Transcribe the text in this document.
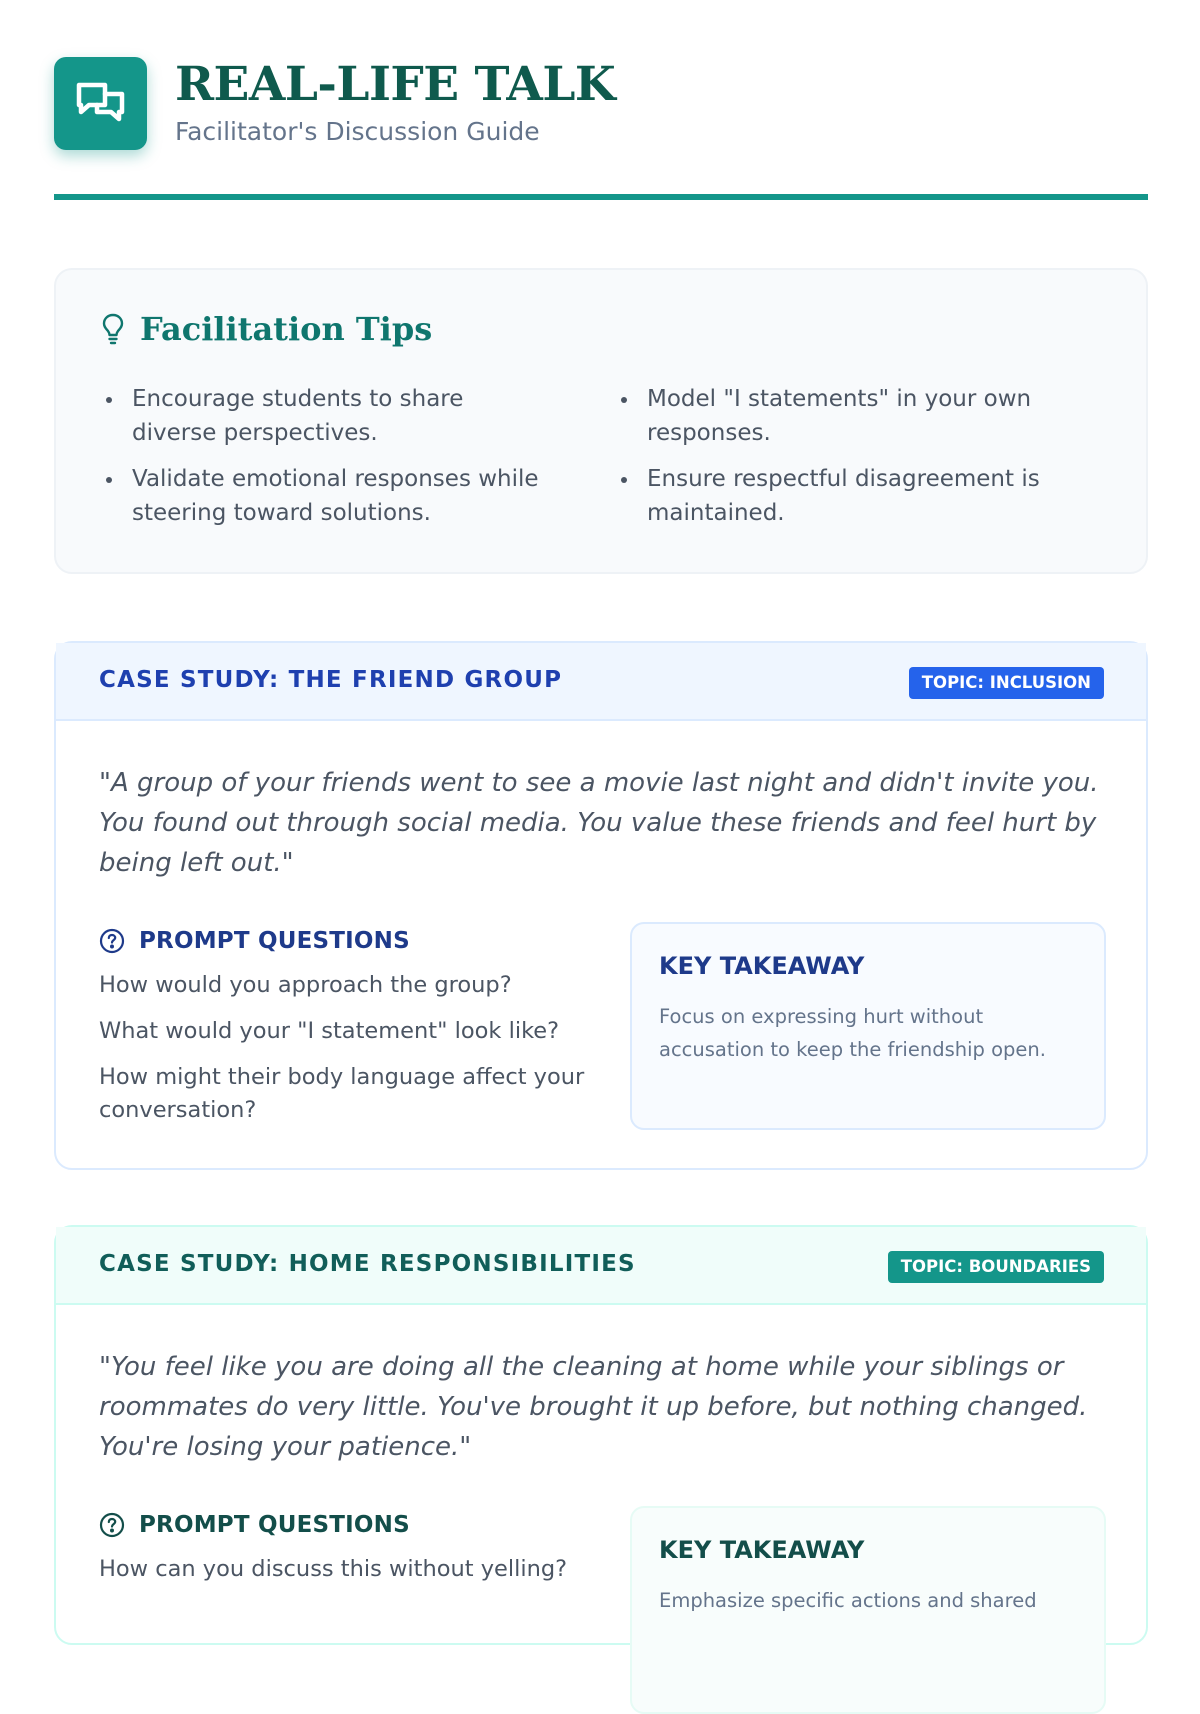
REAL-LIFE TALK
Facilitator's Discussion Guide
Facilitation Tips
Encourage students to share diverse perspectives.
Validate emotional responses while steering toward solutions.
Model "I statements" in your own responses.
Ensure respectful disagreement is maintained.
CASE STUDY: THE FRIEND GROUP	TOPIC: INCLUSION
"A group of your friends went to see a movie last night and didn't invite you. You found out through social media. You value these friends and feel hurt by being left out."
PROMPT QUESTIONS
How would you approach the group?
What would your "I statement" look like?
How might their body language affect your conversation?
KEY TAKEAWAY
Focus on expressing hurt without accusation to keep the friendship open.
CASE STUDY: HOME RESPONSIBILITIES	TOPIC: BOUNDARIES
"You feel like you are doing all the cleaning at home while your siblings or roommates do very little. You've brought it up before, but nothing changed. You're losing your patience."
PROMPT QUESTIONS
How can you discuss this without yelling?
KEY TAKEAWAY
Emphasize specific actions and shared
